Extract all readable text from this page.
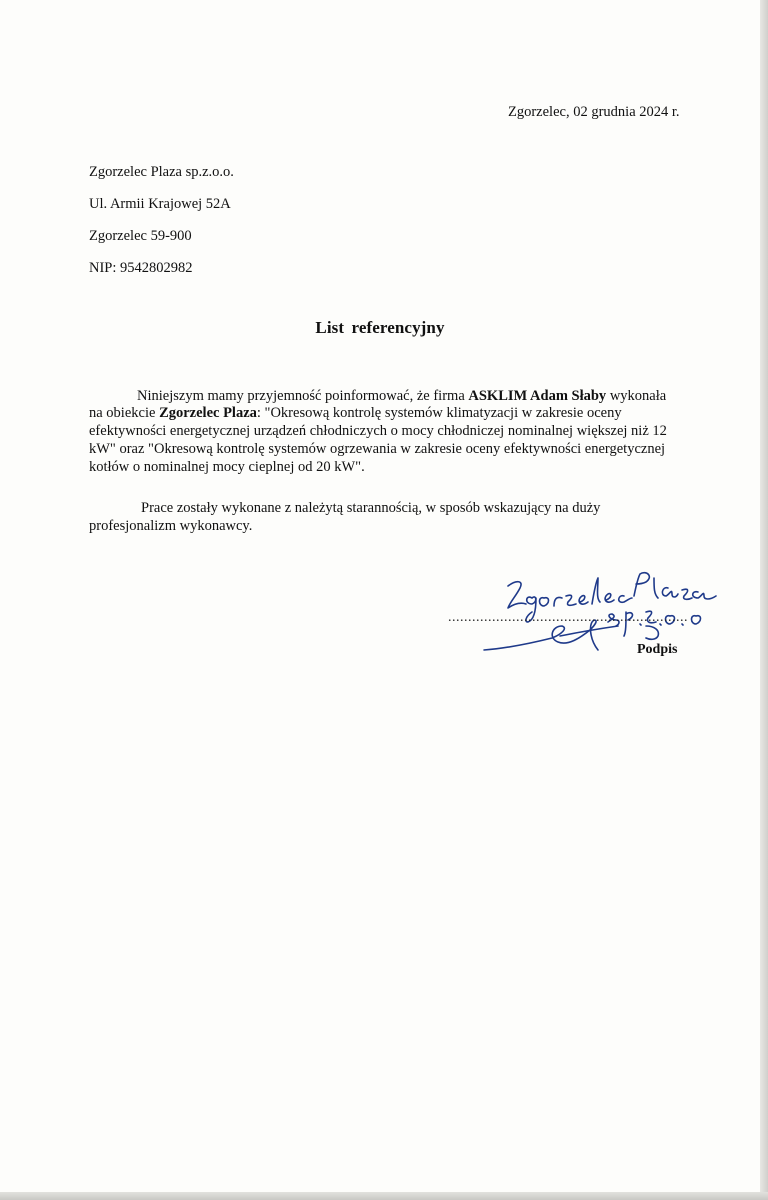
Zgorzelec, 02 grudnia 2024 r.
Zgorzelec Plaza sp.z.o.o.
Ul. Armii Krajowej 52A
Zgorzelec 59-900
NIP: 9542802982
List referencyjny
Niniejszym mamy przyjemność poinformować, że firma ASKLIM Adam Słaby wykonała
na obiekcie Zgorzelec Plaza: "Okresową kontrolę systemów klimatyzacji w zakresie oceny
efektywności energetycznej urządzeń chłodniczych o mocy chłodniczej nominalnej większej niż 12
kW" oraz "Okresową kontrolę systemów ogrzewania w zakresie oceny efektywności energetycznej
kotłów o nominalnej mocy cieplnej od 20 kW".
Prace zostały wykonane z należytą starannością, w sposób wskazujący na duży
profesjonalizm wykonawcy.
............................................................
Podpis
